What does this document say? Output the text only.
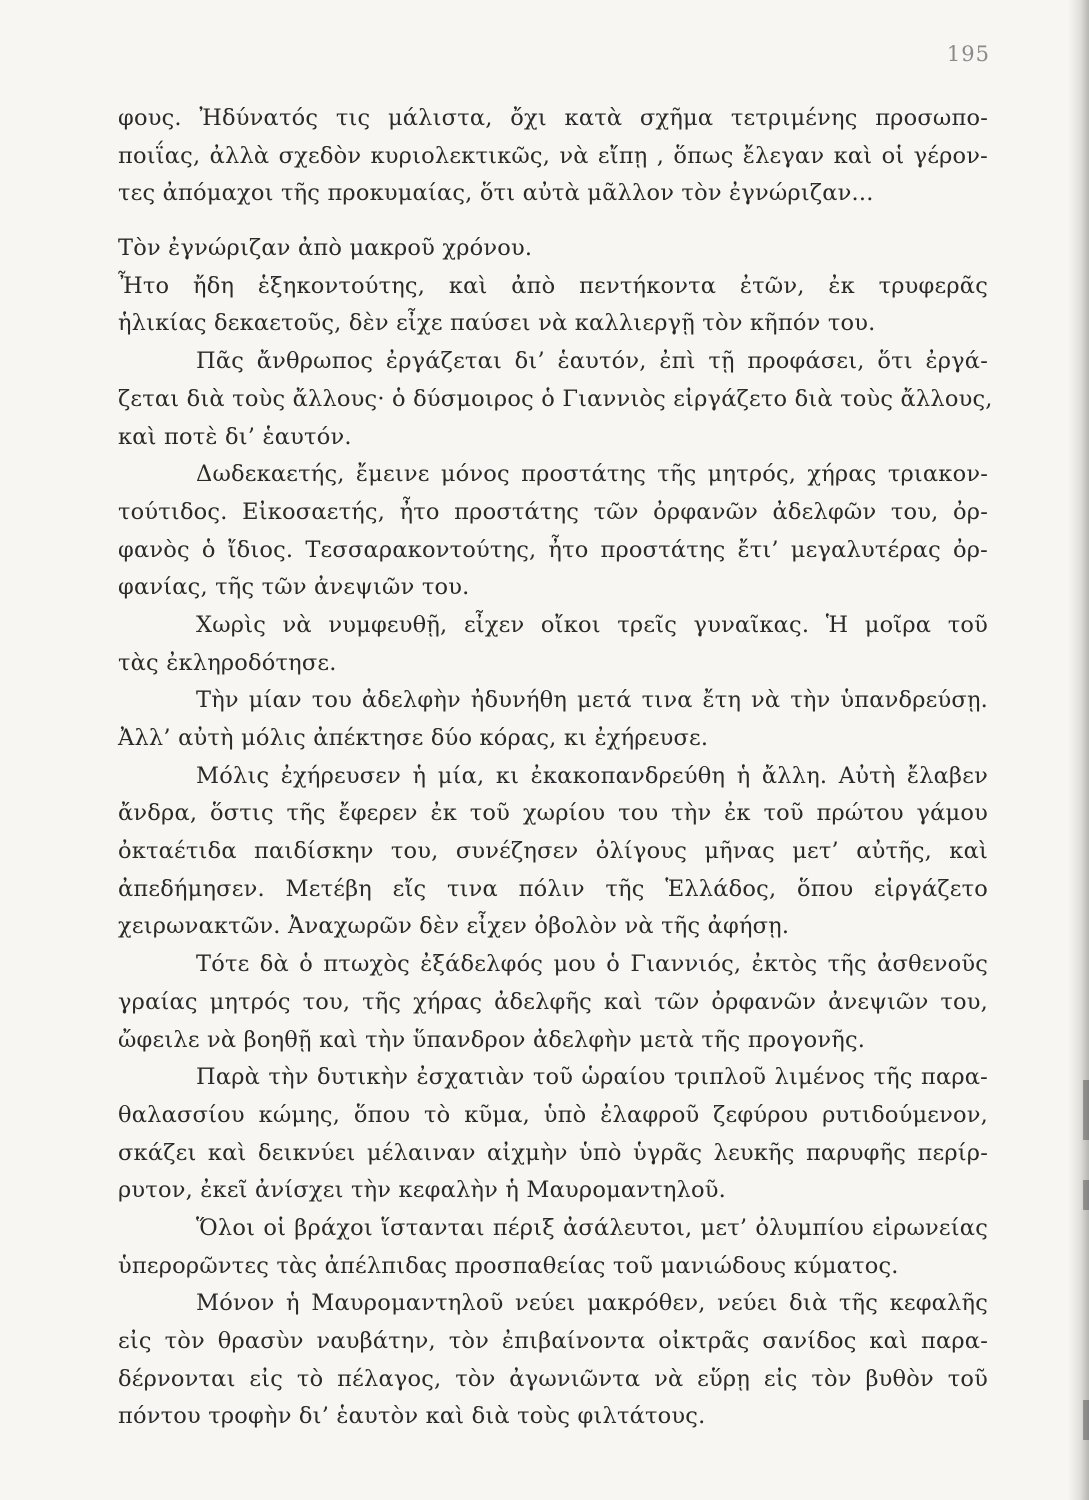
195
φους. Ἠδύνατός τις μάλιστα, ὄχι κατὰ σχῆμα τετριμένης προσωπο-
ποιΐας, ἀλλὰ σχεδὸν κυριολεκτικῶς, νὰ εἴπῃ , ὅπως ἔλεγαν καὶ οἱ γέρον-
τες ἀπόμαχοι τῆς προκυμαίας, ὅτι αὐτὰ μᾶλλον τὸν ἐγνώριζαν...
Τὸν ἐγνώριζαν ἀπὸ μακροῦ χρόνου.
Ἦτο ἤδη ἑξηκοντούτης, καὶ ἀπὸ πεντήκοντα ἐτῶν, ἐκ τρυφερᾶς
ἡλικίας δεκαετοῦς, δὲν εἶχε παύσει νὰ καλλιεργῇ τὸν κῆπόν του.
Πᾶς ἄνθρωπος ἐργάζεται δι’ ἑαυτόν, ἐπὶ τῇ προφάσει, ὅτι ἐργά-
ζεται διὰ τοὺς ἄλλους· ὁ δύσμοιρος ὁ Γιαννιὸς εἰργάζετο διὰ τοὺς ἄλλους,
καὶ ποτὲ δι’ ἑαυτόν.
Δωδεκαετής, ἔμεινε μόνος προστάτης τῆς μητρός, χήρας τριακον-
τούτιδος. Εἰκοσαετής, ἦτο προστάτης τῶν ὀρφανῶν ἀδελφῶν του, ὀρ-
φανὸς ὁ ἴδιος. Τεσσαρακοντούτης, ἦτο προστάτης ἔτι’ μεγαλυτέρας ὀρ-
φανίας, τῆς τῶν ἀνεψιῶν του.
Χωρὶς νὰ νυμφευθῇ, εἶχεν οἴκοι τρεῖς γυναῖκας. Ἡ μοῖρα τοῦ
τὰς ἐκληροδότησε.
Τὴν μίαν του ἀδελφὴν ἠδυνήθη μετά τινα ἔτη νὰ τὴν ὑπανδρεύσῃ.
Ἀλλ’ αὐτὴ μόλις ἀπέκτησε δύο κόρας, κι ἐχήρευσε.
Μόλις ἐχήρευσεν ἡ μία, κι ἐκακοπανδρεύθη ἡ ἄλλη. Αὐτὴ ἔλαβεν
ἄνδρα, ὅστις τῆς ἔφερεν ἐκ τοῦ χωρίου του τὴν ἐκ τοῦ πρώτου γάμου
ὀκταέτιδα παιδίσκην του, συνέζησεν ὀλίγους μῆνας μετ’ αὐτῆς, καὶ
ἀπεδήμησεν. Μετέβη εἴς τινα πόλιν τῆς Ἑλλάδος, ὅπου εἰργάζετο
χειρωνακτῶν. Ἀναχωρῶν δὲν εἶχεν ὀβολὸν νὰ τῆς ἀφήσῃ.
Τότε δὰ ὁ πτωχὸς ἐξάδελφός μου ὁ Γιαννιός, ἐκτὸς τῆς ἀσθενοῦς
γραίας μητρός του, τῆς χήρας ἀδελφῆς καὶ τῶν ὀρφανῶν ἀνεψιῶν του,
ὤφειλε νὰ βοηθῇ καὶ τὴν ὕπανδρον ἀδελφὴν μετὰ τῆς προγονῆς.
Παρὰ τὴν δυτικὴν ἐσχατιὰν τοῦ ὡραίου τριπλοῦ λιμένος τῆς παρα-
θαλασσίου κώμης, ὅπου τὸ κῦμα, ὑπὸ ἐλαφροῦ ζεφύρου ρυτιδούμενον,
σκάζει καὶ δεικνύει μέλαιναν αἰχμὴν ὑπὸ ὑγρᾶς λευκῆς παρυφῆς περίρ-
ρυτον, ἐκεῖ ἀνίσχει τὴν κεφαλὴν ἡ Μαυρομαντηλοῦ.
Ὅλοι οἱ βράχοι ἵστανται πέριξ ἀσάλευτοι, μετ’ ὀλυμπίου εἰρωνείας
ὑπερορῶντες τὰς ἀπέλπιδας προσπαθείας τοῦ μανιώδους κύματος.
Μόνον ἡ Μαυρομαντηλοῦ νεύει μακρόθεν, νεύει διὰ τῆς κεφαλῆς
εἰς τὸν θρασὺν ναυβάτην, τὸν ἐπιβαίνοντα οἰκτρᾶς σανίδος καὶ παρα-
δέρνονται εἰς τὸ πέλαγος, τὸν ἀγωνιῶντα νὰ εὕρῃ εἰς τὸν βυθὸν τοῦ
πόντου τροφὴν δι’ ἑαυτὸν καὶ διὰ τοὺς φιλτάτους.
